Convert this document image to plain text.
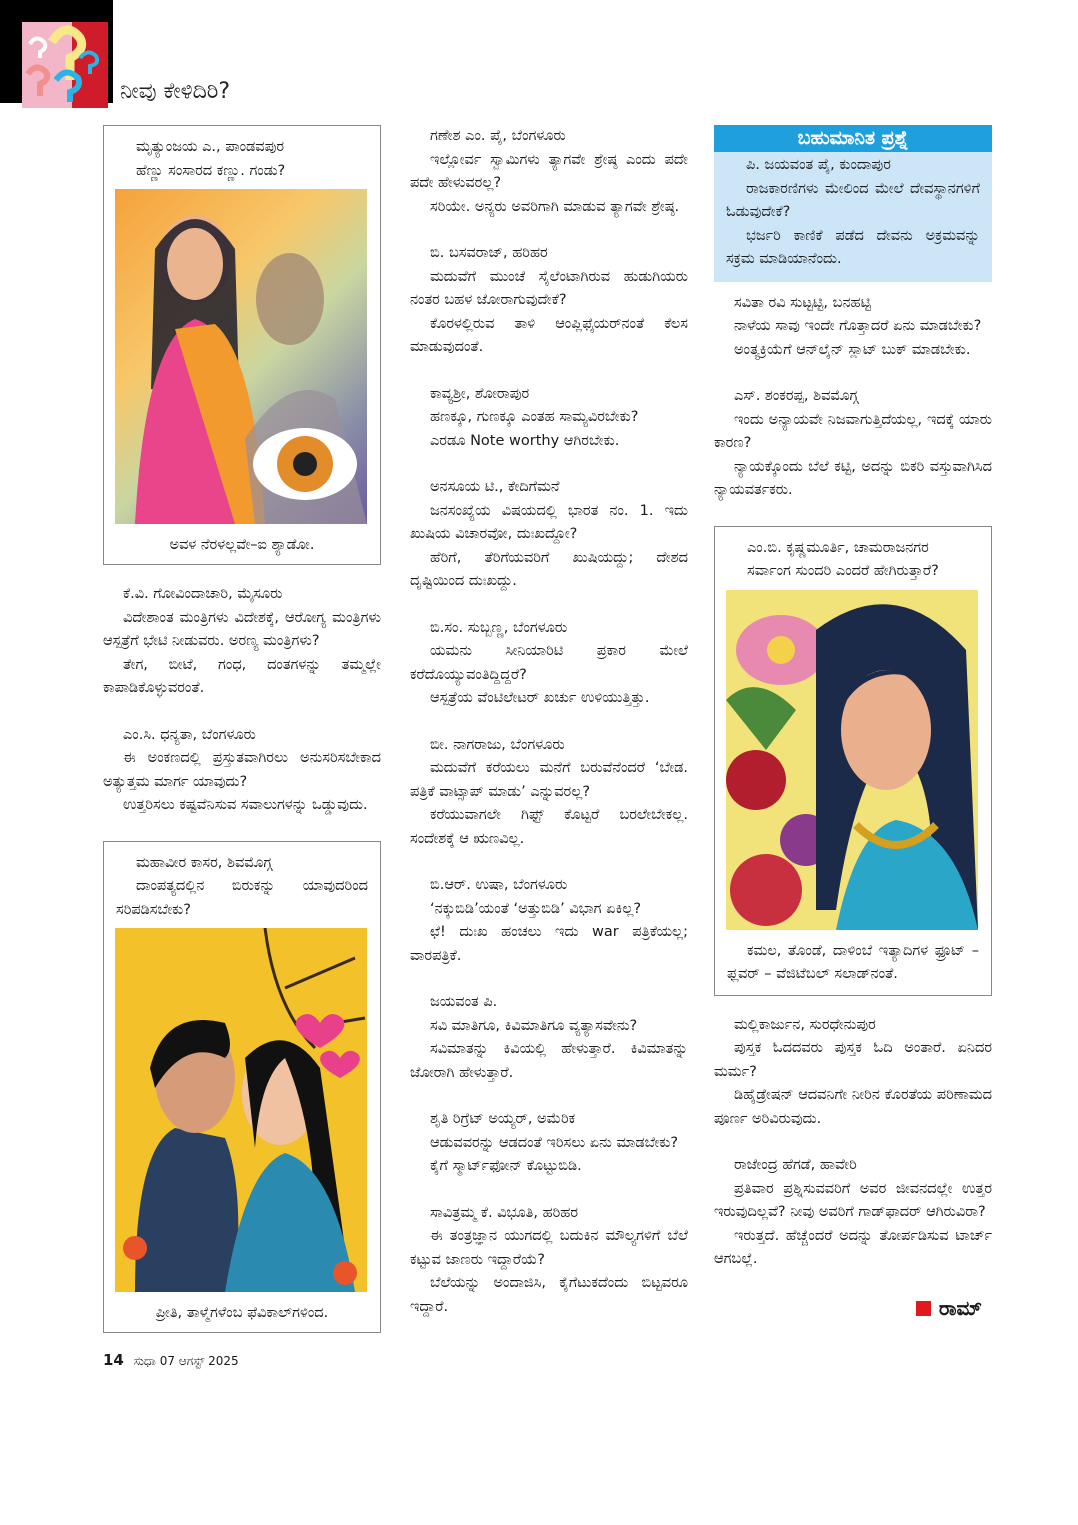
ನೀವು ಕೇಳಿದಿರಿ?

ಮೃತ್ಯುಂಜಯ ಎ., ಪಾಂಡವಪುರ

ಹೆಣ್ಣು ಸಂಸಾರದ ಕಣ್ಣು. ಗಂಡು?

ಅವಳ ನೆರಳಲ್ಲವೇ–ಐ ಶ್ಯಾಡೋ.

ಕೆ.ವಿ. ಗೋವಿಂದಾಚಾರಿ, ಮೈಸೂರು

ವಿದೇಶಾಂತ ಮಂತ್ರಿಗಳು ವಿದೇಶಕ್ಕೆ, ಆರೋಗ್ಯ ಮಂತ್ರಿಗಳು ಆಸ್ಪತ್ರೆಗೆ ಭೇಟಿ ನೀಡುವರು. ಅರಣ್ಯ ಮಂತ್ರಿಗಳು?

ತೇಗ, ಬೀಟೆ, ಗಂಧ, ದಂತಗಳನ್ನು ತಮ್ಮಲ್ಲೇ ಕಾಪಾಡಿಕೊಳ್ಳುವರಂತೆ.

ಎಂ.ಸಿ. ಧನ್ಯತಾ, ಬೆಂಗಳೂರು

ಈ ಅಂಕಣದಲ್ಲಿ ಪ್ರಸ್ತುತವಾಗಿರಲು ಅನುಸರಿಸಬೇಕಾದ ಅತ್ಯುತ್ತಮ ಮಾರ್ಗ ಯಾವುದು?

ಉತ್ತರಿಸಲು ಕಷ್ಟವೆನಿಸುವ ಸವಾಲುಗಳನ್ನು ಒಡ್ಡುವುದು.

ಮಹಾವೀರ ಕಾಸರ, ಶಿವಮೊಗ್ಗ

ದಾಂಪತ್ಯದಲ್ಲಿನ ಬಿರುಕನ್ನು ಯಾವುದರಿಂದ ಸರಿಪಡಿಸಬೇಕು?

ಪ್ರೀತಿ, ತಾಳ್ಮೆಗಳೆಂಬ ಫೆವಿಕಾಲ್‌ಗಳಿಂದ.

14 ಸುಧಾ 07 ಆಗಸ್ಟ್ 2025

ಗಣೇಶ ಎಂ. ಪೈ, ಬೆಂಗಳೂರು

ಇಲ್ಲೋರ್ವ ಸ್ವಾಮಿಗಳು ತ್ಯಾಗವೇ ಶ್ರೇಷ್ಠ ಎಂದು ಪದೇ ಪದೇ ಹೇಳುವರಲ್ಲ?

ಸರಿಯೇ. ಅನ್ಯರು ಅವರಿಗಾಗಿ ಮಾಡುವ ತ್ಯಾಗವೇ ಶ್ರೇಷ್ಠ.

ಬಿ. ಬಸವರಾಜ್, ಹರಿಹರ

ಮದುವೆಗೆ ಮುಂಚೆ ಸೈಲೆಂಟಾಗಿರುವ ಹುಡುಗಿಯರು ನಂತರ ಬಹಳ ಜೋರಾಗುವುದೇಕೆ?

ಕೊರಳಲ್ಲಿರುವ ತಾಳಿ ಆಂಪ್ಲಿಫೈಯರ್‌ನಂತೆ ಕೆಲಸ ಮಾಡುವುದಂತೆ.

ಕಾವ್ಯಶ್ರೀ, ಶೋರಾಪುರ

ಹಣಕ್ಕೂ, ಗುಣಕ್ಕೂ ಎಂತಹ ಸಾಮ್ಯವಿರಬೇಕು?

ಎರಡೂ Note worthy ಆಗಿರಬೇಕು.

ಅನಸೂಯ ಟಿ., ಕೇದಿಗೆಮನೆ

ಜನಸಂಖ್ಯೆಯ ವಿಷಯದಲ್ಲಿ ಭಾರತ ನಂ. 1. ಇದು ಖುಷಿಯ ವಿಚಾರವೋ, ದುಃಖದ್ದೋ?

ಹೆರಿಗೆ, ತೆರಿಗೆಯವರಿಗೆ ಖುಷಿಯದ್ದು; ದೇಶದ ದೃಷ್ಟಿಯಿಂದ ದುಃಖದ್ದು.

ಬಿ.ಸಂ. ಸುಬ್ಬಣ್ಣ, ಬೆಂಗಳೂರು

ಯಮನು ಸೀನಿಯಾರಿಟಿ ಪ್ರಕಾರ ಮೇಲೆ ಕರೆದೊಯ್ಯುವಂತಿದ್ದಿದ್ದರೆ?

ಆಸ್ಪತ್ರೆಯ ವೆಂಟಿಲೇಟರ್ ಖರ್ಚು ಉಳಿಯುತ್ತಿತ್ತು.

ಬೀ. ನಾಗರಾಜು, ಬೆಂಗಳೂರು

ಮದುವೆಗೆ ಕರೆಯಲು ಮನೆಗೆ ಬರುವೆನೆಂದರೆ ‘ಬೇಡ. ಪತ್ರಿಕೆ ವಾಟ್ಸಾಪ್ ಮಾಡು’ ಎನ್ನುವರಲ್ಲ?

ಕರೆಯುವಾಗಲೇ ಗಿಫ್ಟ್ ಕೊಟ್ಟರೆ ಬರಲೇಬೇಕಲ್ಲ. ಸಂದೇಶಕ್ಕೆ ಆ ಋಣವಿಲ್ಲ.

ಬಿ.ಆರ್. ಉಷಾ, ಬೆಂಗಳೂರು

‘ನಕ್ಕುಬಿಡಿ’ಯಂತೆ ‘ಅತ್ತುಬಿಡಿ’ ವಿಭಾಗ ಏಕಿಲ್ಲ?

ಛೆ! ದುಃಖ ಹಂಚಲು ಇದು war ಪತ್ರಿಕೆಯಲ್ಲ; ವಾರಪತ್ರಿಕೆ.

ಜಯವಂತ ಪಿ.

ಸವಿ ಮಾತಿಗೂ, ಕಿವಿಮಾತಿಗೂ ವ್ಯತ್ಯಾಸವೇನು?

ಸವಿಮಾತನ್ನು ಕಿವಿಯಲ್ಲಿ ಹೇಳುತ್ತಾರೆ. ಕಿವಿಮಾತನ್ನು ಜೋರಾಗಿ ಹೇಳುತ್ತಾರೆ.

ಶೃತಿ ರಿಗ್ರೆಟ್ ಅಯ್ಯರ್, ಅಮೆರಿಕ

ಆಡುವವರನ್ನು ಆಡದಂತೆ ಇರಿಸಲು ಏನು ಮಾಡಬೇಕು?

ಕೈಗೆ ಸ್ಮಾರ್ಟ್‌ಫೋನ್ ಕೊಟ್ಟುಬಿಡಿ.

ಸಾವಿತ್ರಮ್ಮ ಕೆ. ವಿಭೂತಿ, ಹರಿಹರ

ಈ ತಂತ್ರಜ್ಞಾನ ಯುಗದಲ್ಲಿ ಬದುಕಿನ ಮೌಲ್ಯಗಳಿಗೆ ಬೆಲೆ ಕಟ್ಟುವ ಜಾಣರು ಇದ್ದಾರೆಯೆ?

ಬೆಲೆಯನ್ನು ಅಂದಾಜಿಸಿ, ಕೈಗೆಟುಕದೆಂದು ಬಿಟ್ಟವರೂ ಇದ್ದಾರೆ.

ಬಹುಮಾನಿತ ಪ್ರಶ್ನೆ

ಪಿ. ಜಯವಂತ ಪೈ, ಕುಂದಾಪುರ

ರಾಜಕಾರಣಿಗಳು ಮೇಲಿಂದ ಮೇಲೆ ದೇವಸ್ಥಾನಗಳಿಗೆ ಓಡುವುದೇಕೆ?

ಭರ್ಜರಿ ಕಾಣಿಕೆ ಪಡೆದ ದೇವನು ಅಕ್ರಮವನ್ನು ಸಕ್ರಮ ಮಾಡಿಯಾನೆಂದು.

ಸವಿತಾ ರವಿ ಸುಟ್ಟಟ್ಟಿ, ಬನಹಟ್ಟಿ

ನಾಳೆಯ ಸಾವು ಇಂದೇ ಗೊತ್ತಾದರೆ ಏನು ಮಾಡಬೇಕು?

ಅಂತ್ಯಕ್ರಿಯೆಗೆ ಆನ್‌ಲೈನ್ ಸ್ಲಾಟ್ ಬುಕ್ ಮಾಡಬೇಕು.

ಎಸ್. ಶಂಕರಪ್ಪ, ಶಿವಮೊಗ್ಗ

ಇಂದು ಅನ್ಯಾಯವೇ ನಿಜವಾಗುತ್ತಿದೆಯಲ್ಲ, ಇದಕ್ಕೆ ಯಾರು ಕಾರಣ?

ನ್ಯಾಯಕ್ಕೊಂದು ಬೆಲೆ ಕಟ್ಟಿ, ಅದನ್ನು ಬಿಕರಿ ವಸ್ತುವಾಗಿಸಿದ ನ್ಯಾಯವರ್ತಕರು.

ಎಂ.ಬಿ. ಕೃಷ್ಣಮೂರ್ತಿ, ಚಾಮರಾಜನಗರ

ಸರ್ವಾಂಗ ಸುಂದರಿ ಎಂದರೆ ಹೇಗಿರುತ್ತಾರೆ?

ಕಮಲ, ತೊಂಡೆ, ದಾಳಿಂಬೆ ಇತ್ಯಾದಿಗಳ ಫ್ರೂಟ್ – ಫ್ಲವರ್ – ವೆಜಿಟೆಬಲ್ ಸಲಾಡ್‌ನಂತೆ.

ಮಲ್ಲಿಕಾರ್ಜುನ, ಸುರಧೇನುಪುರ

ಪುಸ್ತಕ ಓದದವರು ಪುಸ್ತಕ ಓದಿ ಅಂತಾರೆ. ಏನಿದರ ಮರ್ಮ?

ಡಿಹೈಡ್ರೇಷನ್ ಆದವನಿಗೇ ನೀರಿನ ಕೊರತೆಯ ಪರಿಣಾಮದ ಪೂರ್ಣ ಅರಿವಿರುವುದು.

ರಾಜೇಂದ್ರ ಹೆಗಡೆ, ಹಾವೇರಿ

ಪ್ರತಿವಾರ ಪ್ರಶ್ನಿಸುವವರಿಗೆ ಅವರ ಜೀವನದಲ್ಲೇ ಉತ್ತರ ಇರುವುದಿಲ್ಲವೆ? ನೀವು ಅವರಿಗೆ ಗಾಡ್‌ಫಾದರ್ ಆಗಿರುವಿರಾ?

ಇರುತ್ತದೆ. ಹೆಚ್ಚೆಂದರೆ ಅದನ್ನು ತೋರ್ಪಡಿಸುವ ಟಾರ್ಚ್ ಆಗಬಲ್ಲೆ.

ರಾಮ್
